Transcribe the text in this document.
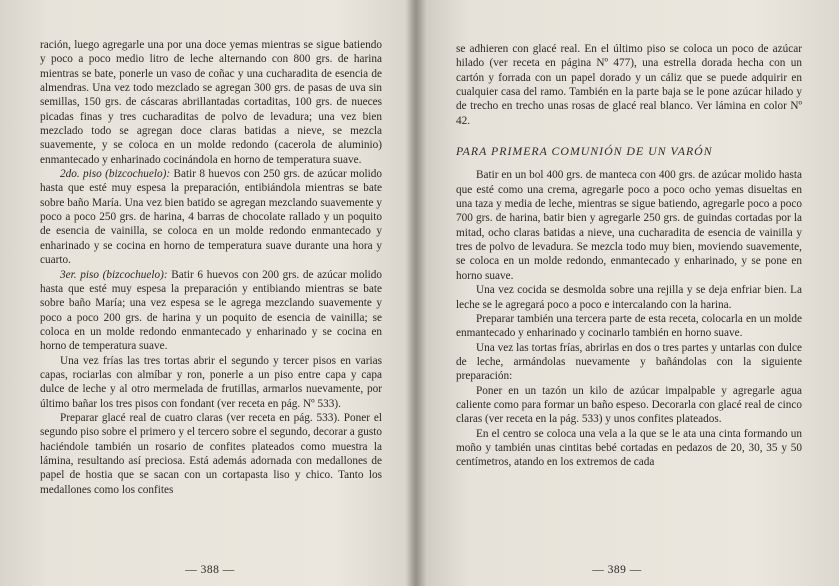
ración, luego agregarle una por una doce yemas mientras se sigue batiendo y poco a poco medio litro de leche alternando con 800 grs. de harina mientras se bate, ponerle un vaso de coñac y una cucharadita de esencia de almendras. Una vez todo mezclado se agregan 300 grs. de pasas de uva sin semillas, 150 grs. de cáscaras abrillantadas cortaditas, 100 grs. de nueces picadas finas y tres cucharaditas de polvo de levadura; una vez bien mezclado todo se agregan doce claras batidas a nieve, se mezcla suavemente, y se coloca en un molde redondo (cacerola de aluminio) enmantecado y enharinado cocinándola en horno de temperatura suave.

2do. piso (bizcochuelo): Batir 8 huevos con 250 grs. de azúcar molido hasta que esté muy espesa la preparación, entibiándola mientras se bate sobre baño María. Una vez bien batido se agregan mezclando suavemente y poco a poco 250 grs. de harina, 4 barras de chocolate rallado y un poquito de esencia de vainilla, se coloca en un molde redondo enmantecado y enharinado y se cocina en horno de temperatura suave durante una hora y cuarto.

3er. piso (bizcochuelo): Batir 6 huevos con 200 grs. de azúcar molido hasta que esté muy espesa la preparación y entibiando mientras se bate sobre baño María; una vez espesa se le agrega mezclando suavemente y poco a poco 200 grs. de harina y un poquito de esencia de vainilla; se coloca en un molde redondo enmantecado y enharinado y se cocina en horno de temperatura suave.

Una vez frías las tres tortas abrir el segundo y tercer pisos en varias capas, rociarlas con almíbar y ron, ponerle a un piso entre capa y capa dulce de leche y al otro mermelada de frutillas, armarlos nuevamente, por último bañar los tres pisos con fondant (ver receta en pág. Nº 533).

Preparar glacé real de cuatro claras (ver receta en pág. 533). Poner el segundo piso sobre el primero y el tercero sobre el segundo, decorar a gusto haciéndole también un rosario de confites plateados como muestra la lámina, resultando así preciosa. Está además adornada con medallones de papel de hostia que se sacan con un cortapasta liso y chico. Tanto los medallones como los confites

— 388 —

se adhieren con glacé real. En el último piso se coloca un poco de azúcar hilado (ver receta en página Nº 477), una estrella dorada hecha con un cartón y forrada con un papel dorado y un cáliz que se puede adquirir en cualquier casa del ramo. También en la parte baja se le pone azúcar hilado y de trecho en trecho unas rosas de glacé real blanco. Ver lámina en color Nº 42.

PARA PRIMERA COMUNIÓN DE UN VARÓN

Batir en un bol 400 grs. de manteca con 400 grs. de azúcar molido hasta que esté como una crema, agregarle poco a poco ocho yemas disueltas en una taza y media de leche, mientras se sigue batiendo, agregarle poco a poco 700 grs. de harina, batir bien y agregarle 250 grs. de guindas cortadas por la mitad, ocho claras batidas a nieve, una cucharadita de esencia de vainilla y tres de polvo de levadura. Se mezcla todo muy bien, moviendo suavemente, se coloca en un molde redondo, enmantecado y enharinado, y se pone en horno suave.

Una vez cocida se desmolda sobre una rejilla y se deja enfriar bien. La leche se le agregará poco a poco e intercalando con la harina.

Preparar también una tercera parte de esta receta, colocarla en un molde enmantecado y enharinado y cocinarlo también en horno suave.

Una vez las tortas frías, abrirlas en dos o tres partes y untarlas con dulce de leche, armándolas nuevamente y bañándolas con la siguiente preparación:

Poner en un tazón un kilo de azúcar impalpable y agregarle agua caliente como para formar un baño espeso. Decorarla con glacé real de cinco claras (ver receta en la pág. 533) y unos confites plateados.

En el centro se coloca una vela a la que se le ata una cinta formando un moño y también unas cintitas bebé cortadas en pedazos de 20, 30, 35 y 50 centímetros, atando en los extremos de cada

— 389 —
